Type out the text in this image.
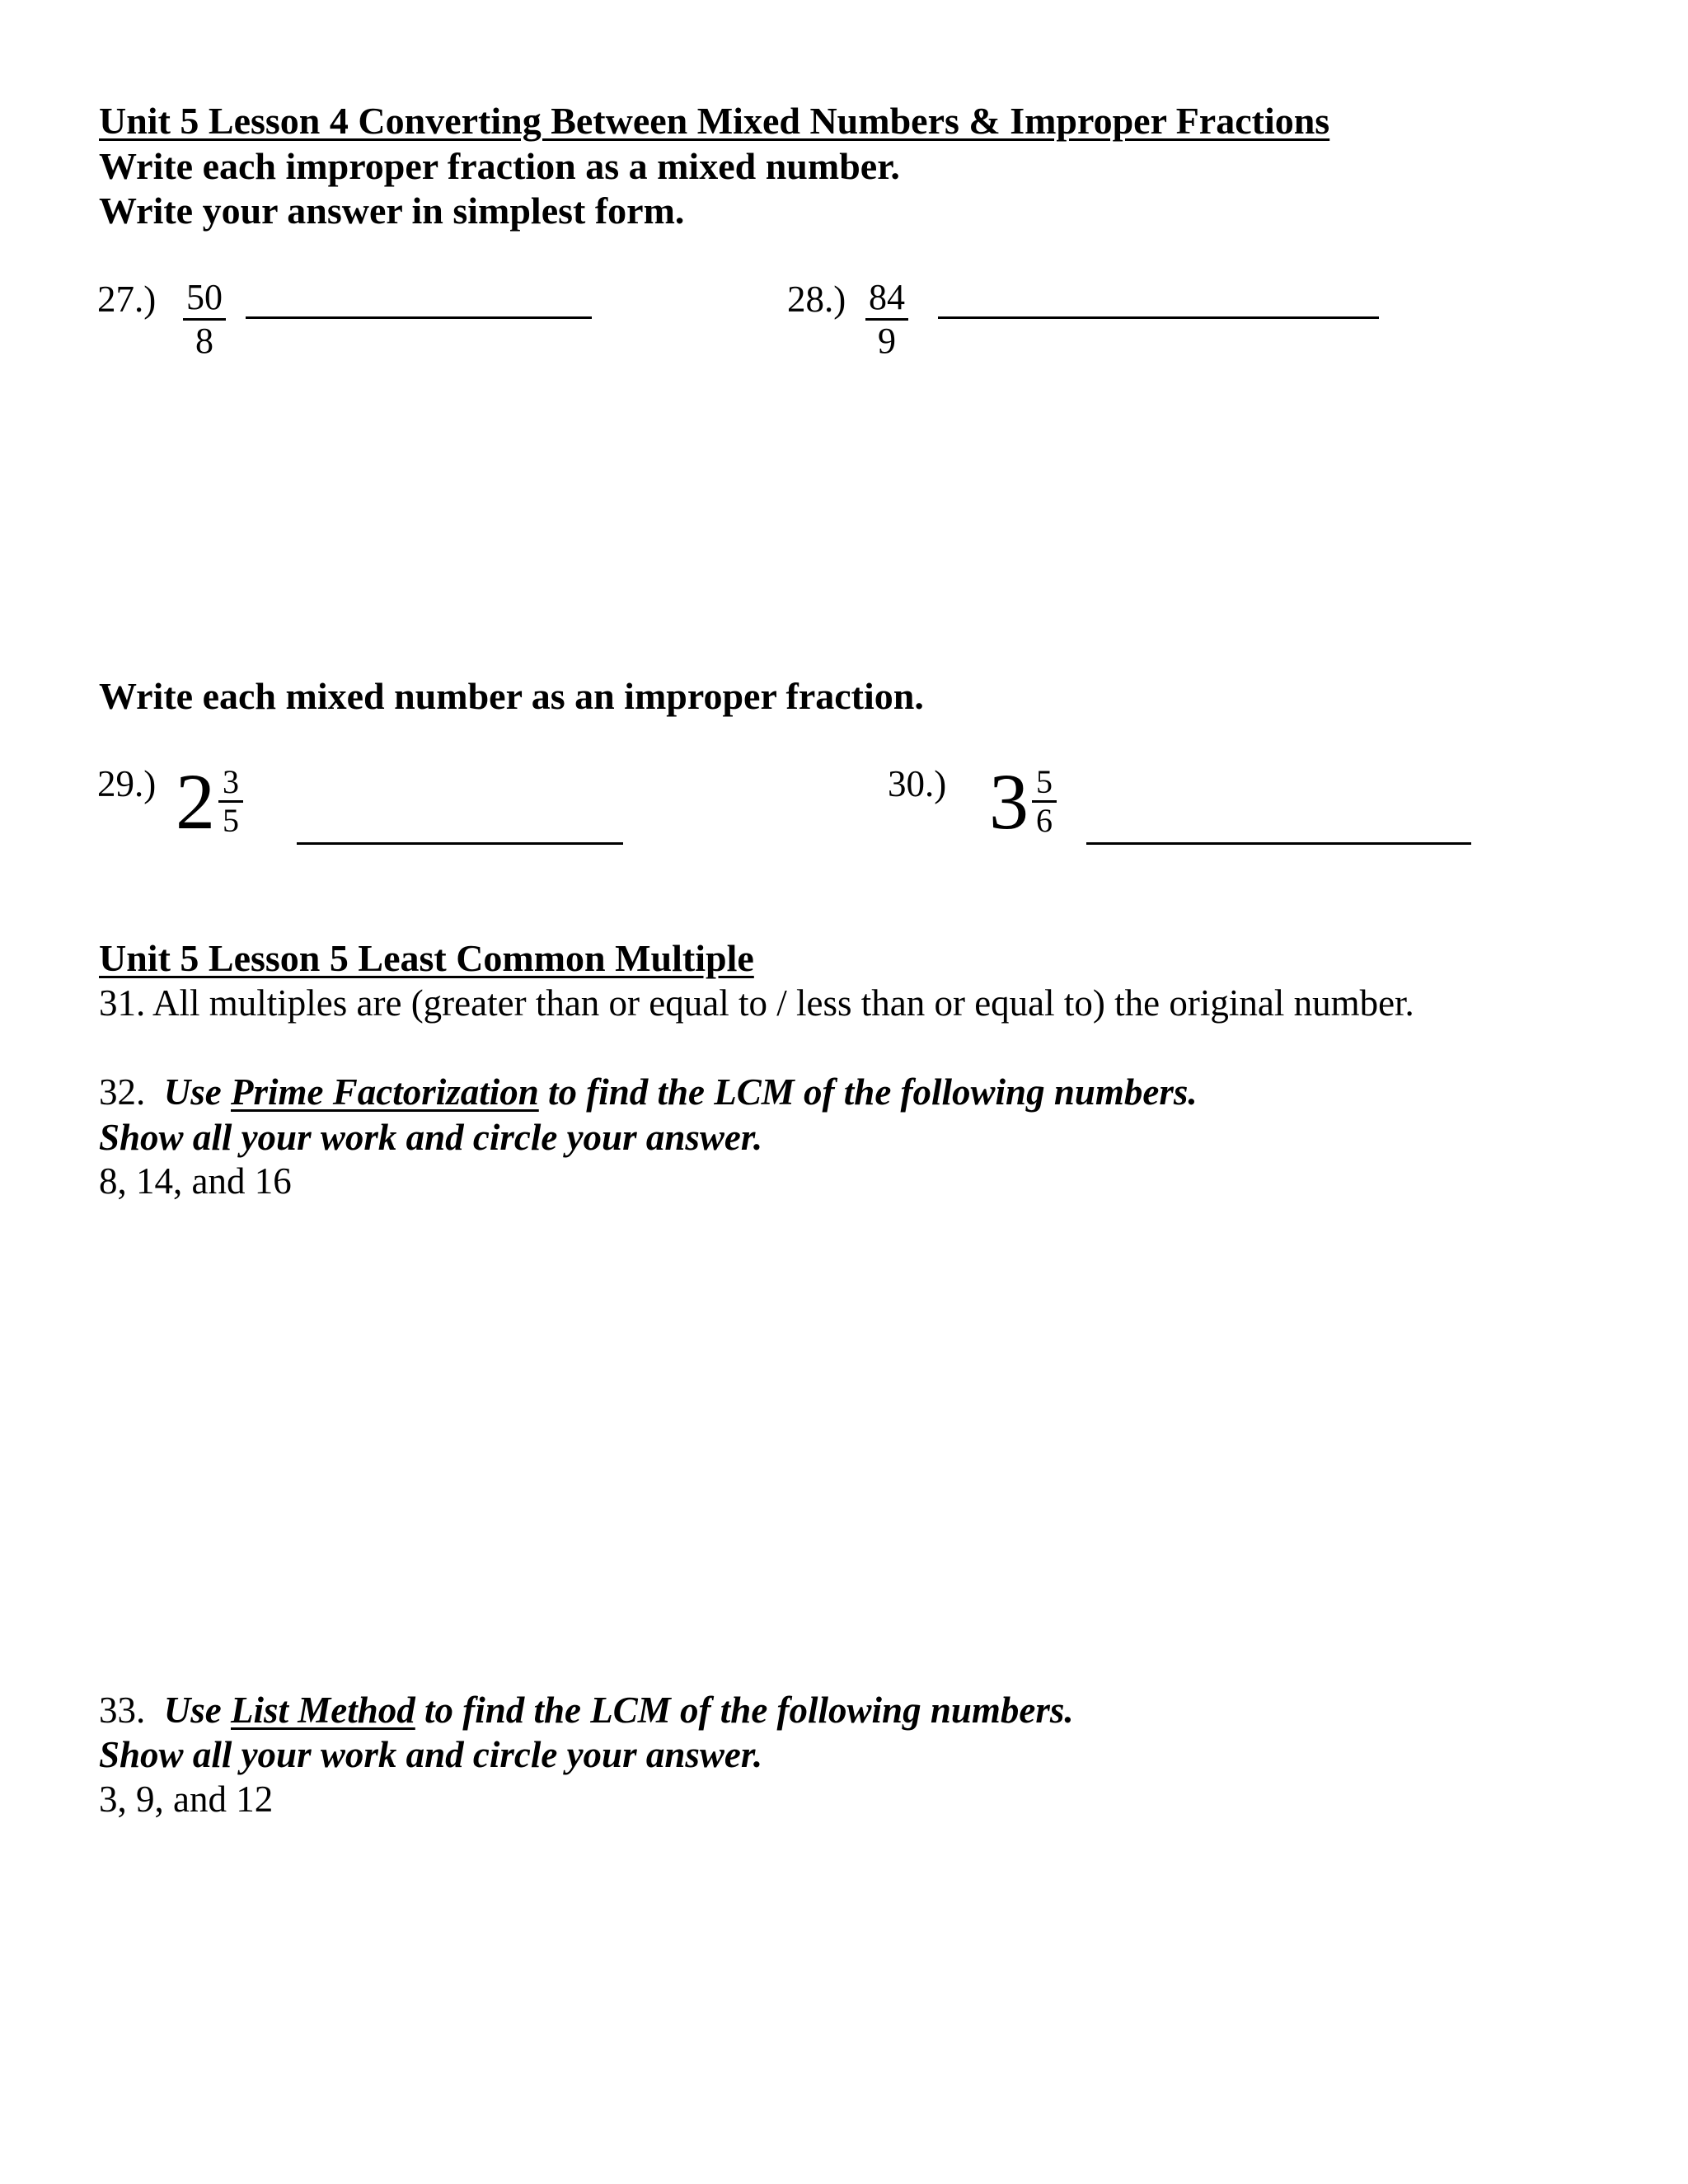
Unit 5 Lesson 4 Converting Between Mixed Numbers & Improper Fractions
Write each improper fraction as a mixed number.
Write your answer in simplest form.
$27.) \frac{50}{8}$	$28.) \frac{84}{9}$
Write each mixed number as an improper fraction.
29.) $2 \frac{3}{5}$	30.) $3 \frac{5}{6}$
Unit 5 Lesson 5 Least Common Multiple
31. All multiples are (greater than or equal to / less than or equal to) the original number.
32. Use Prime Factorization to find the LCM of the following numbers.
Show all your work and circle your answer.
8, 14, and 16
33. Use List Method to find the LCM of the following numbers.
Show all your work and circle your answer.
3, 9, and 12
